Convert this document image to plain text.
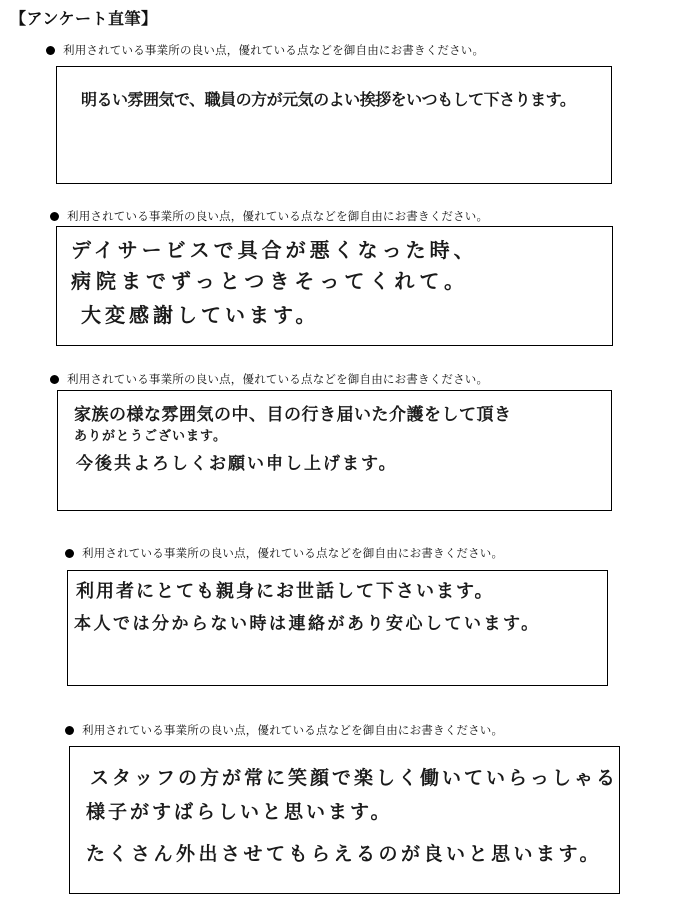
【アンケート直筆】
利用されている事業所の良い点，優れている点などを御自由にお書きください。
明るい雰囲気で、職員の方が元気のよい挨拶をいつもして下さります。
利用されている事業所の良い点，優れている点などを御自由にお書きください。
デイサービスで具合が悪くなった時、
病院までずっとつきそってくれて。
大変感謝しています。
利用されている事業所の良い点，優れている点などを御自由にお書きください。
家族の様な雰囲気の中、目の行き届いた介護をして頂き
ありがとうございます。
今後共よろしくお願い申し上げます。
利用されている事業所の良い点，優れている点などを御自由にお書きください。
利用者にとても親身にお世話して下さいます。
本人では分からない時は連絡があり安心しています。
利用されている事業所の良い点，優れている点などを御自由にお書きください。
スタッフの方が常に笑顔で楽しく働いていらっしゃる
様子がすばらしいと思います。
たくさん外出させてもらえるのが良いと思います。
